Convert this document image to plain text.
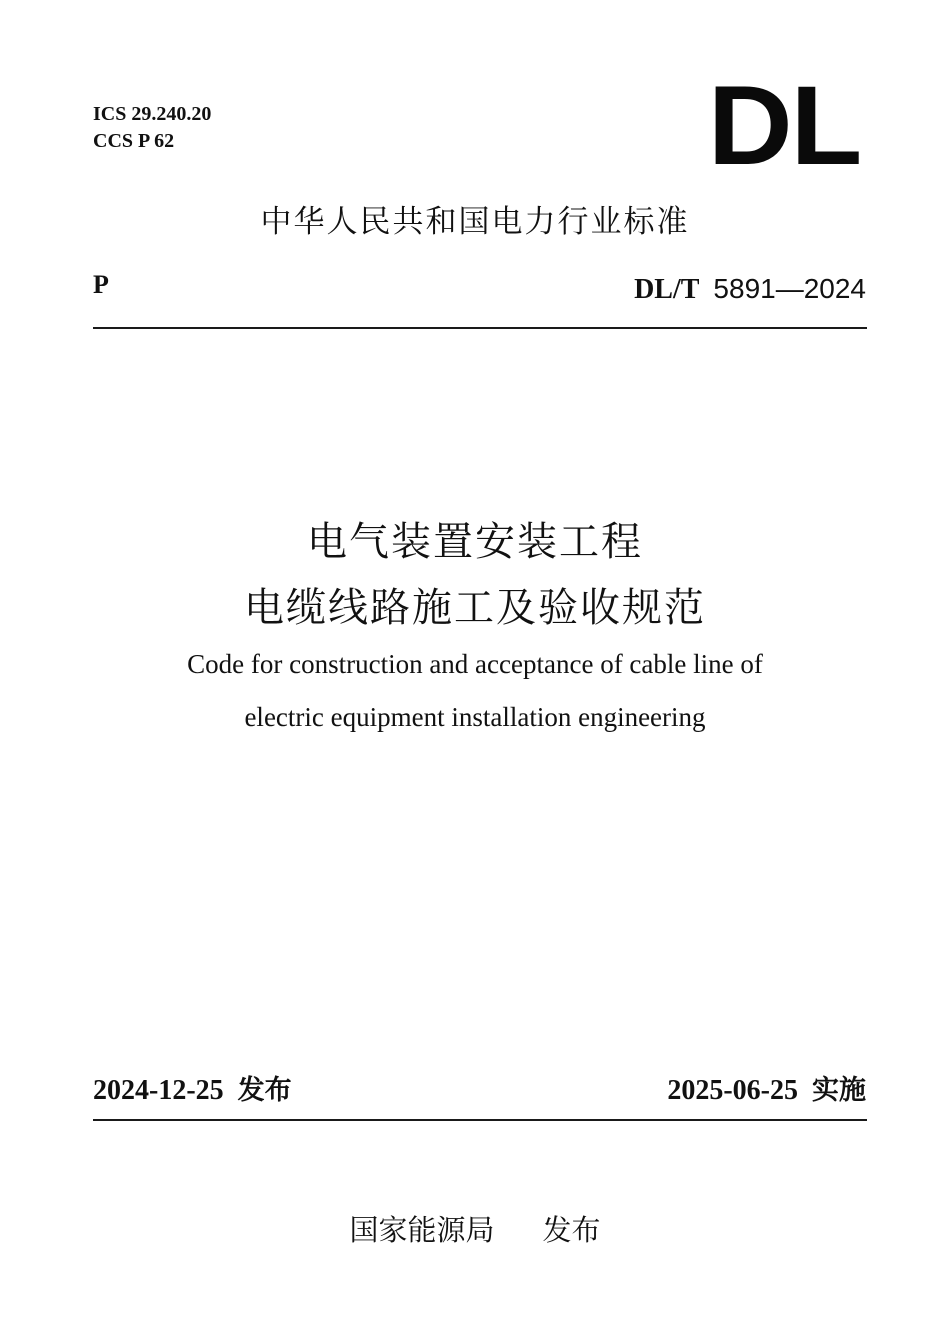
ICS 29.240.20
CCS P 62	DL
中华人民共和国电力行业标准
P	DL/T 5891—2024
电气装置安装工程
电缆线路施工及验收规范
Code for construction and acceptance of cable line of
electric equipment installation engineering
2024-12-25 发布	2025-06-25 实施
国家能源局 发布
